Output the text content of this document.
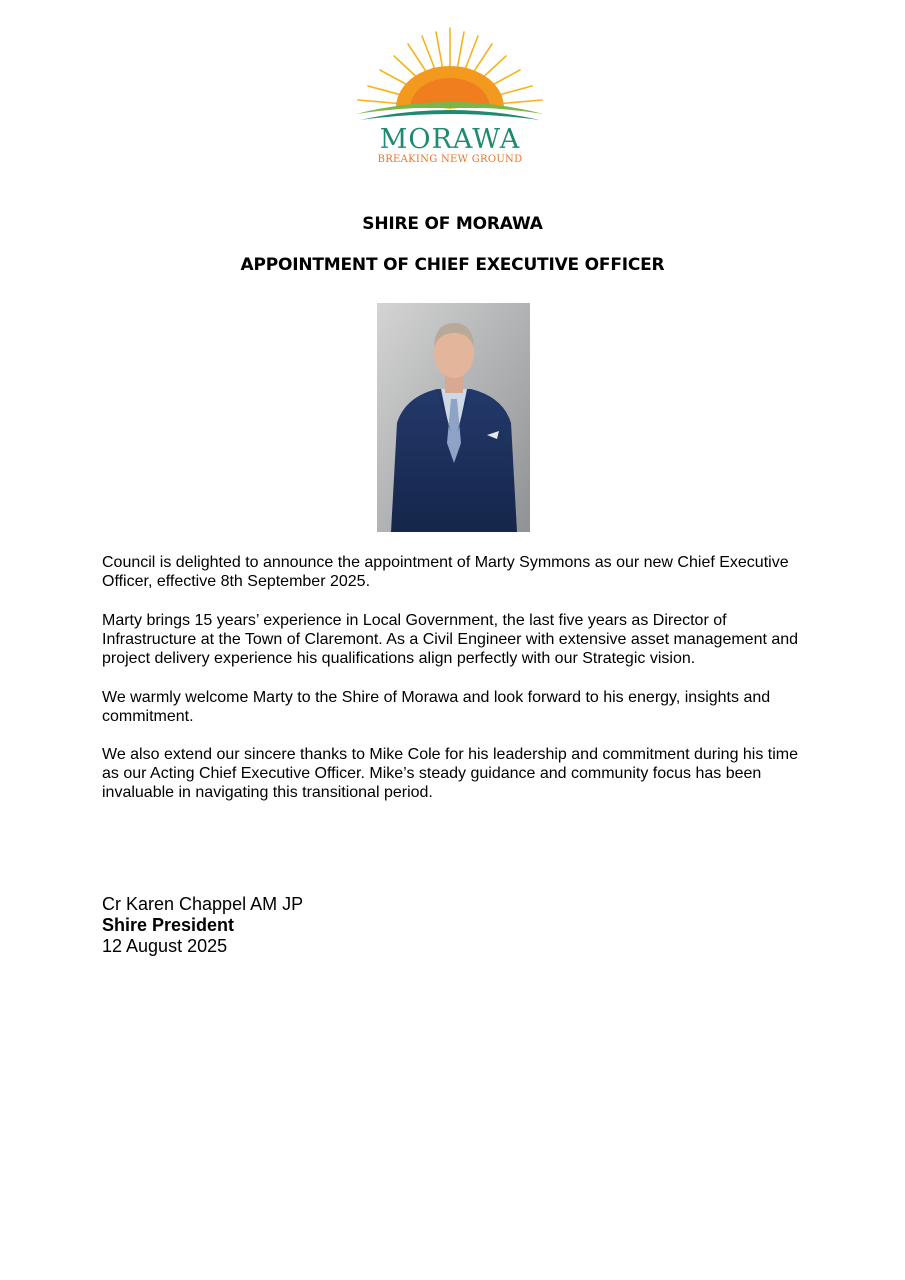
MORAWA
BREAKING NEW GROUND
SHIRE OF MORAWA
APPOINTMENT OF CHIEF EXECUTIVE OFFICER
Council is delighted to announce the appointment of Marty Symmons as our new Chief Executive Officer, effective 8th September 2025.
Marty brings 15 years’ experience in Local Government, the last five years as Director of Infrastructure at the Town of Claremont. As a Civil Engineer with extensive asset management and project delivery experience his qualifications align perfectly with our Strategic vision.
We warmly welcome Marty to the Shire of Morawa and look forward to his energy, insights and commitment.
We also extend our sincere thanks to Mike Cole for his leadership and commitment during his time as our Acting Chief Executive Officer. Mike’s steady guidance and community focus has been invaluable in navigating this transitional period.
Cr Karen Chappel AM JP
Shire President
12 August 2025
